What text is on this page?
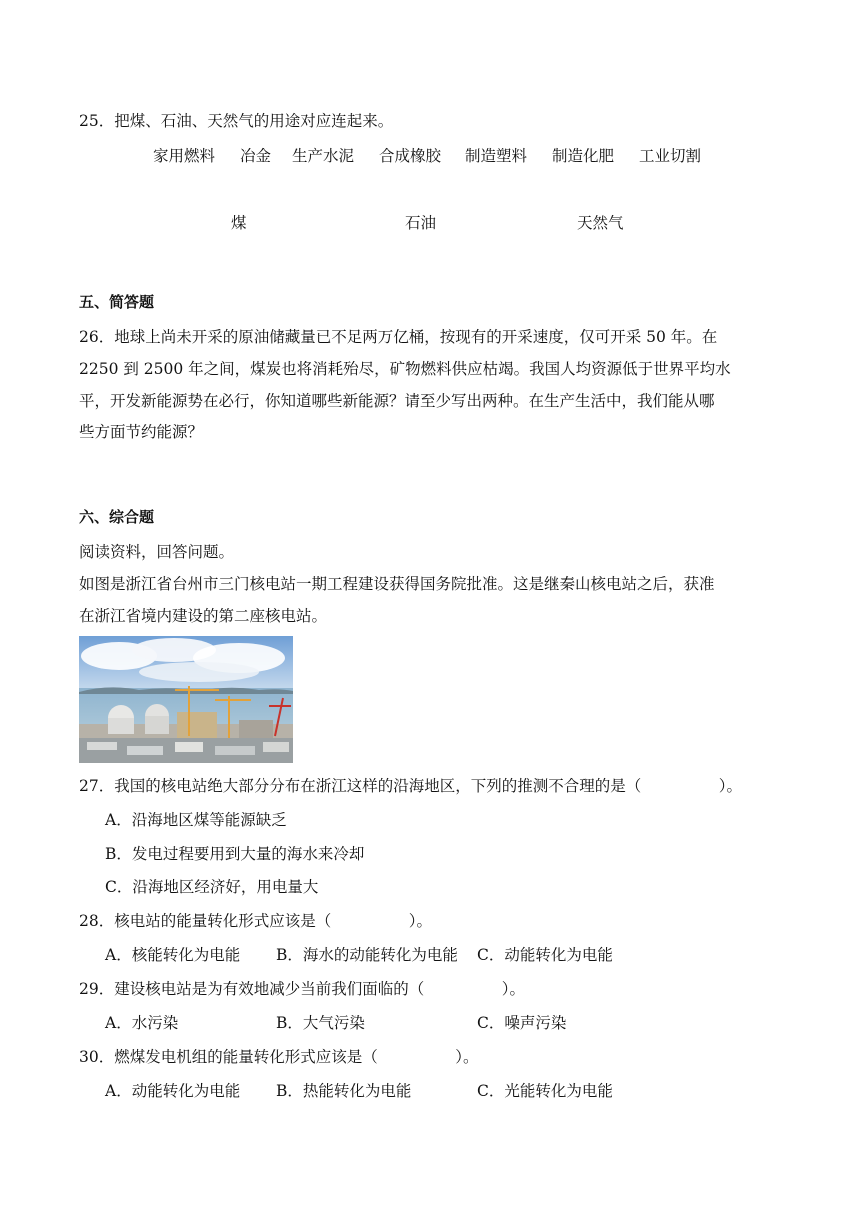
25．把煤、石油、天然气的用途对应连起来。
家用燃料 冶金 生产水泥 合成橡胶 制造塑料 制造化肥 工业切割
煤	石油	天然气
五、简答题
26．地球上尚未开采的原油储藏量已不足两万亿桶，按现有的开采速度，仅可开采 50 年。在
2250 到 2500 年之间，煤炭也将消耗殆尽，矿物燃料供应枯竭。我国人均资源低于世界平均水
平，开发新能源势在必行，你知道哪些新能源？请至少写出两种。在生产生活中，我们能从哪
些方面节约能源？
六、综合题
阅读资料，回答问题。
如图是浙江省台州市三门核电站一期工程建设获得国务院批准。这是继秦山核电站之后，获准
在浙江省境内建设的第二座核电站。
27．我国的核电站绝大部分分布在浙江这样的沿海地区，下列的推测不合理的是（　　　　　）。
A．沿海地区煤等能源缺乏
B．发电过程要用到大量的海水来冷却
C．沿海地区经济好，用电量大
28．核电站的能量转化形式应该是（　　　　　）。
A．核能转化为电能 B．海水的动能转化为电能 C．动能转化为电能
29．建设核电站是为有效地减少当前我们面临的（　　　　　）。
A．水污染	B．大气污染	C．噪声污染
30．燃煤发电机组的能量转化形式应该是（　　　　　）。
A．动能转化为电能 B．热能转化为电能	C．光能转化为电能
